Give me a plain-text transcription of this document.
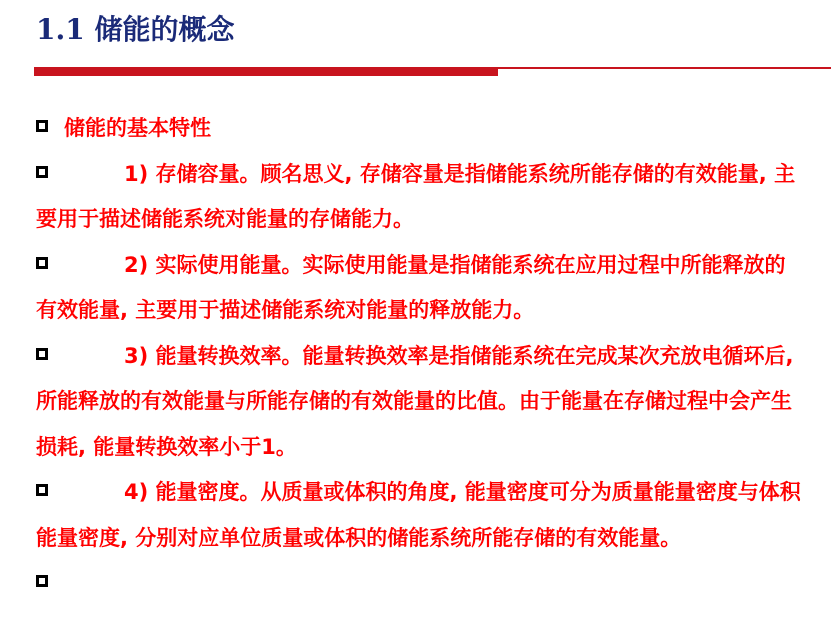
1.1 储能的概念

储能的基本特性

1) 存储容量。顾名思义, 存储容量是指储能系统所能存储的有效能量, 主要用于描述储能系统对能量的存储能力。

2) 实际使用能量。实际使用能量是指储能系统在应用过程中所能释放的有效能量, 主要用于描述储能系统对能量的释放能力。

3) 能量转换效率。能量转换效率是指储能系统在完成某次充放电循环后, 所能释放的有效能量与所能存储的有效能量的比值。由于能量在存储过程中会产生损耗, 能量转换效率小于1。

4) 能量密度。从质量或体积的角度, 能量密度可分为质量能量密度与体积能量密度, 分别对应单位质量或体积的储能系统所能存储的有效能量。
